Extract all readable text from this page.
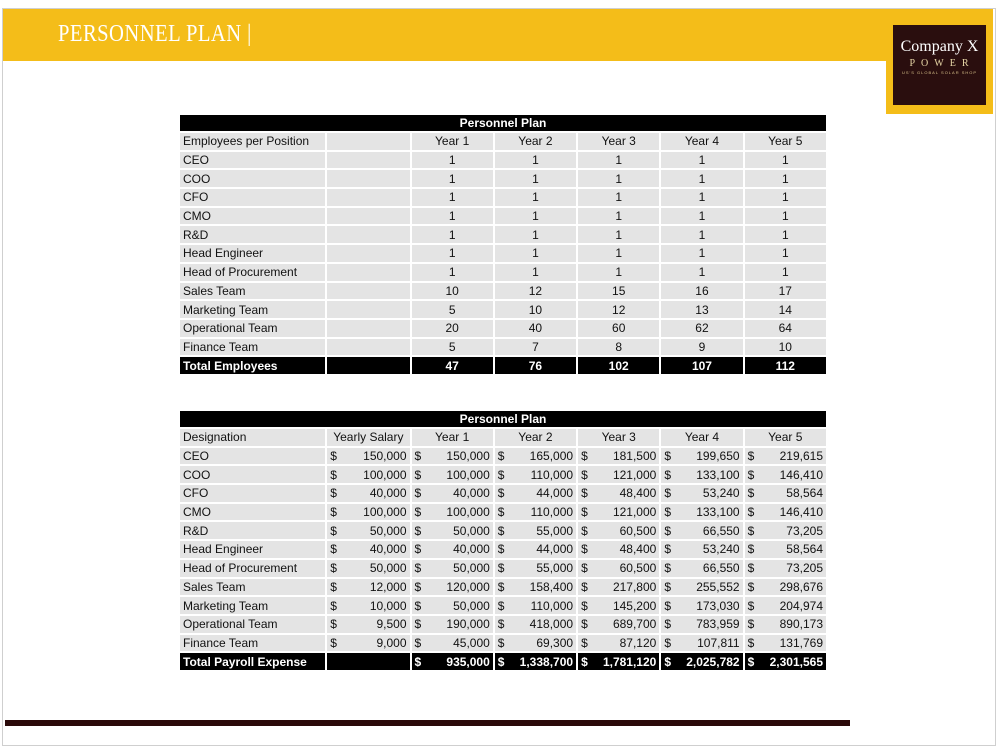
PERSONNEL PLAN |	Company X
POWER
US'S GLOBAL SOLAR SHOP
Personnel Plan						
Employees per Position		Year 1	Year 2	Year 3	Year 4	Year 5
CEO		1	1	1	1	1
COO		1	1	1	1	1
CFO		1	1	1	1	1
CMO		1	1	1	1	1
R&D		1	1	1	1	1
Head Engineer		1	1	1	1	1
Head of Procurement		1	1	1	1	1
Sales Team		10	12	15	16	17
Marketing Team		5	10	12	13	14
Operational Team		20	40	60	62	64
Finance Team		5	7	8	9	10
Total Employees		47	76	102	107	112
Personnel Plan						
Designation	Yearly Salary	Year 1	Year 2	Year 3	Year 4	Year 5
CEO	$ 150,000	$ 150,000	$ 165,000	$ 181,500	$ 199,650	$ 219,615

COO	$ 100,000	$ 100,000	$ 110,000	$ 121,000	$ 133,100	$ 146,410

CFO	$ 40,000	$ 40,000	$ 44,000	$ 48,400	$ 53,240	$ 58,564

CMO	$ 100,000	$ 100,000	$ 110,000	$ 121,000	$ 133,100	$ 146,410

R&D	$ 50,000	$ 50,000	$ 55,000	$ 60,500	$ 66,550	$ 73,205

Head Engineer	$ 40,000	$ 40,000	$ 44,000	$ 48,400	$ 53,240	$ 58,564

Head of Procurement	$ 50,000	$ 50,000	$ 55,000	$ 60,500	$ 66,550	$ 73,205

Sales Team	$ 12,000	$ 120,000	$ 158,400	$ 217,800	$ 255,552	$ 298,676

Marketing Team	$ 10,000	$ 50,000	$ 110,000	$ 145,200	$ 173,030	$ 204,974

Operational Team	$ 9,500	$ 190,000	$ 418,000	$ 689,700	$ 783,959	$ 890,173

Finance Team	$ 9,000	$ 45,000	$ 69,300	$ 87,120	$ 107,811	$ 131,769

Total Payroll Expense		$ 935,000	$ 1,338,700	$ 1,781,120	$ 2,025,782	$ 2,301,565
